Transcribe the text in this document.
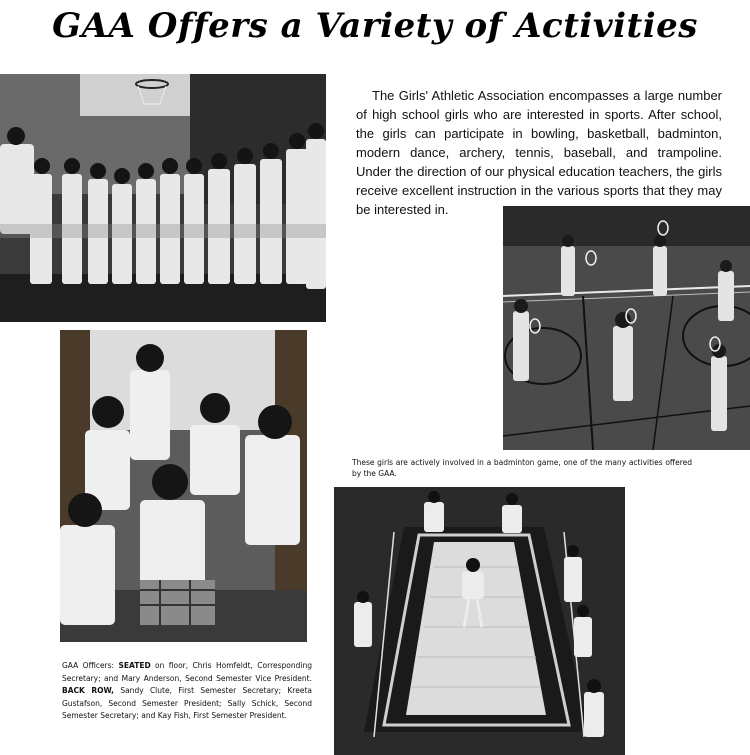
GAA Offers a Variety of Activities

The Girls' Athletic Association encompasses a large number of high school girls who are interested in sports. After school, the girls can participate in bowling, basketball, badminton, modern dance, archery, tennis, baseball, and trampoline. Under the direction of our physical education teachers, the girls receive excellent instruction in the various sports that they may be interested in.

These girls are actively involved in a badminton game, one of the many activities offered by the GAA.

GAA Officers: SEATED on floor, Chris Homfeldt, Corresponding Secretary; and Mary Anderson, Second Semester Vice President. BACK ROW, Sandy Clute, First Semester Secretary; Kreeta Gustafson, Second Semester President; Sally Schick, Second Semester Secretary; and Kay Fish, First Semester President.
